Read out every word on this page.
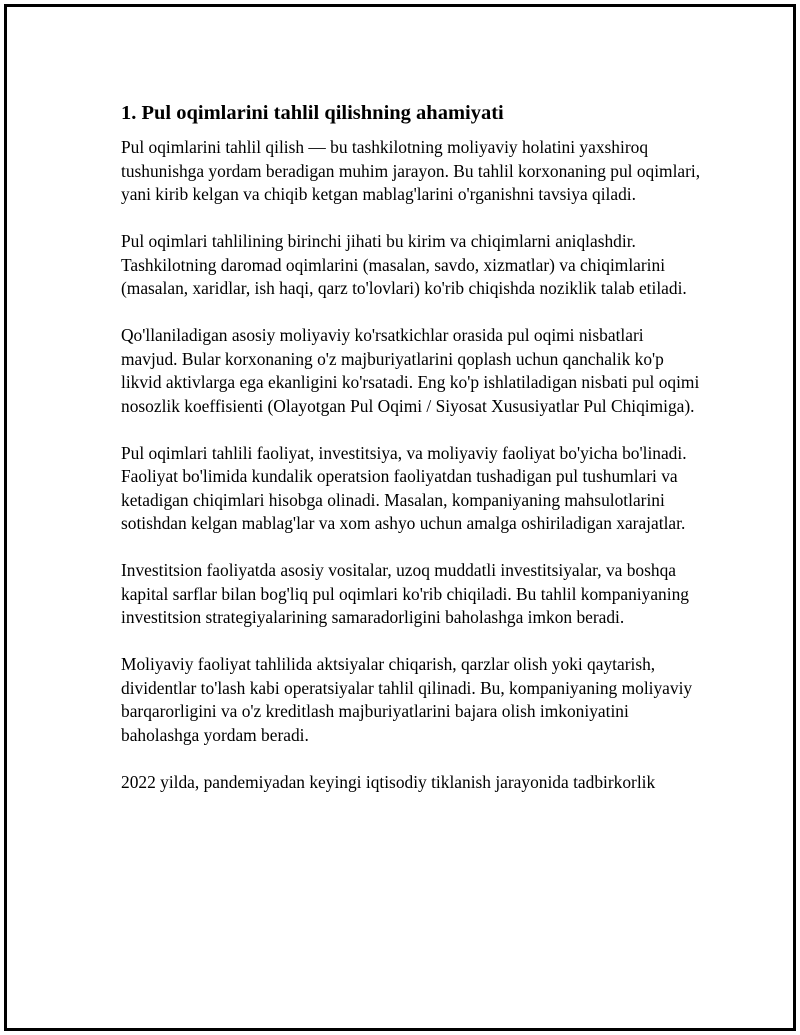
1. Pul oqimlarini tahlil qilishning ahamiyati

Pul oqimlarini tahlil qilish — bu tashkilotning moliyaviy holatini yaxshiroq tushunishga yordam beradigan muhim jarayon. Bu tahlil korxonaning pul oqimlari, yani kirib kelgan va chiqib ketgan mablag'larini o'rganishni tavsiya qiladi.

Pul oqimlari tahlilining birinchi jihati bu kirim va chiqimlarni aniqlashdir. Tashkilotning daromad oqimlarini (masalan, savdo, xizmatlar) va chiqimlarini (masalan, xaridlar, ish haqi, qarz to'lovlari) ko'rib chiqishda noziklik talab etiladi.

Qo'llaniladigan asosiy moliyaviy ko'rsatkichlar orasida pul oqimi nisbatlari mavjud. Bular korxonaning o'z majburiyatlarini qoplash uchun qanchalik ko'p likvid aktivlarga ega ekanligini ko'rsatadi. Eng ko'p ishlatiladigan nisbati pul oqimi nosozlik koeffisienti (Olayotgan Pul Oqimi / Siyosat Xususiyatlar Pul Chiqimiga).

Pul oqimlari tahlili faoliyat, investitsiya, va moliyaviy faoliyat bo'yicha bo'linadi. Faoliyat bo'limida kundalik operatsion faoliyatdan tushadigan pul tushumlari va ketadigan chiqimlari hisobga olinadi. Masalan, kompaniyaning mahsulotlarini sotishdan kelgan mablag'lar va xom ashyo uchun amalga oshiriladigan xarajatlar.

Investitsion faoliyatda asosiy vositalar, uzoq muddatli investitsiyalar, va boshqa kapital sarflar bilan bog'liq pul oqimlari ko'rib chiqiladi. Bu tahlil kompaniyaning investitsion strategiyalarining samaradorligini baholashga imkon beradi.

Moliyaviy faoliyat tahlilida aktsiyalar chiqarish, qarzlar olish yoki qaytarish, dividentlar to'lash kabi operatsiyalar tahlil qilinadi. Bu, kompaniyaning moliyaviy barqarorligini va o'z kreditlash majburiyatlarini bajara olish imkoniyatini baholashga yordam beradi.

2022 yilda, pandemiyadan keyingi iqtisodiy tiklanish jarayonida tadbirkorlik
